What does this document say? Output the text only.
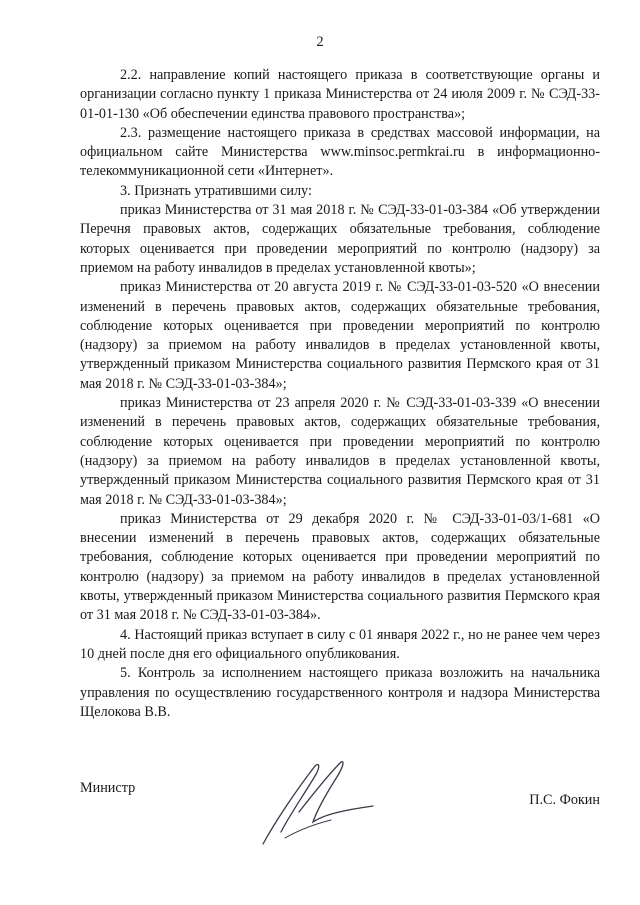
2

2.2. направление копий настоящего приказа в соответствующие органы и организации согласно пункту 1 приказа Министерства от 24 июля 2009 г. № СЭД-33-01-01-130 «Об обеспечении единства правового пространства»;

2.3. размещение настоящего приказа в средствах массовой информации, на официальном сайте Министерства www.minsoc.permkrai.ru в информационно-телекоммуникационной сети «Интернет».

3. Признать утратившими силу:

приказ Министерства от 31 мая 2018 г. № СЭД-33-01-03-384 «Об утверждении Перечня правовых актов, содержащих обязательные требования, соблюдение которых оценивается при проведении мероприятий по контролю (надзору) за приемом на работу инвалидов в пределах установленной квоты»;

приказ Министерства от 20 августа 2019 г. № СЭД-33-01-03-520 «О внесении изменений в перечень правовых актов, содержащих обязательные требования, соблюдение которых оценивается при проведении мероприятий по контролю (надзору) за приемом на работу инвалидов в пределах установленной квоты, утвержденный приказом Министерства социального развития Пермского края от 31 мая 2018 г. № СЭД-33-01-03-384»;

приказ Министерства от 23 апреля 2020 г. № СЭД-33-01-03-339 «О внесении изменений в перечень правовых актов, содержащих обязательные требования, соблюдение которых оценивается при проведении мероприятий по контролю (надзору) за приемом на работу инвалидов в пределах установленной квоты, утвержденный приказом Министерства социального развития Пермского края от 31 мая 2018 г. № СЭД-33-01-03-384»;

приказ Министерства от 29 декабря 2020 г. № СЭД-33-01-03/1-681 «О внесении изменений в перечень правовых актов, содержащих обязательные требования, соблюдение которых оценивается при проведении мероприятий по контролю (надзору) за приемом на работу инвалидов в пределах установленной квоты, утвержденный приказом Министерства социального развития Пермского края от 31 мая 2018 г. № СЭД-33-01-03-384».

4. Настоящий приказ вступает в силу с 01 января 2022 г., но не ранее чем через 10 дней после дня его официального опубликования.

5. Контроль за исполнением настоящего приказа возложить на начальника управления по осуществлению государственного контроля и надзора Министерства Щелокова В.В.

Министр
П.С. Фокин
